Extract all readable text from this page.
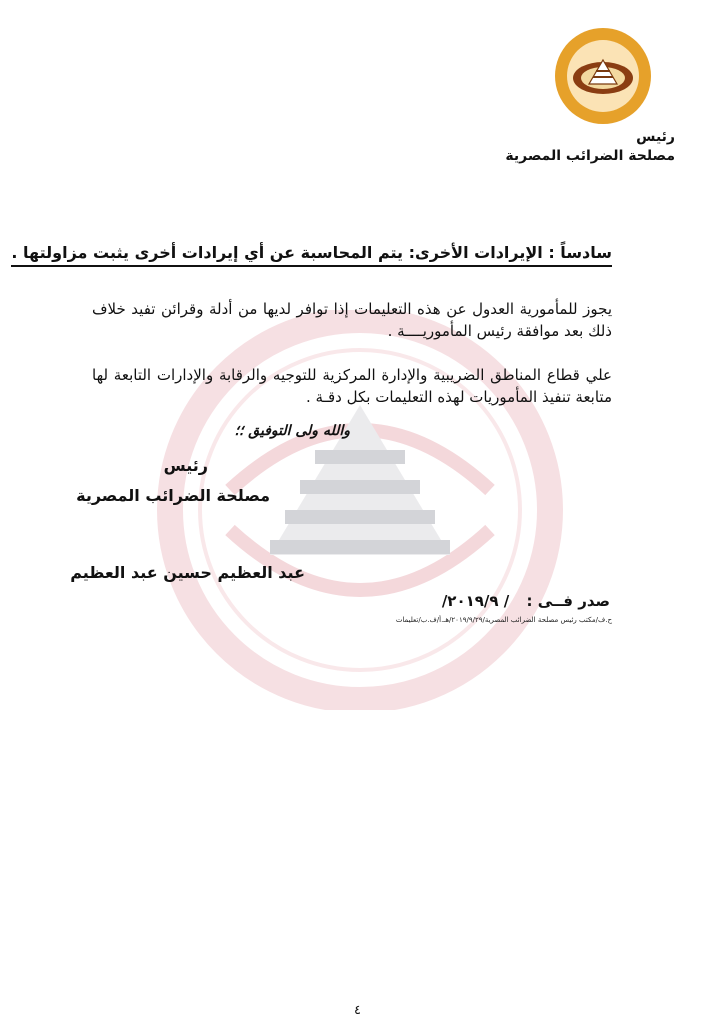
رئيس
مصلحة الضرائب المصرية
سادساً : الإيرادات الأخرى: يتم المحاسبة عن أي إيرادات أخرى يثبت مزاولتها .

يجوز للمأمورية العدول عن هذه التعليمات إذا توافر لديها من أدلة وقرائن تفيد خلاف ذلك بعد موافقة رئيس المأموريــــة .

علي قطاع المناطق الضريبية والإدارة المركزية للتوجيه والرقابة والإدارات التابعة لها متابعة تنفيذ المأموريات لهذه التعليمات بكل دقـة .

والله ولى التوفيق ؛؛
رئيس
مصلحة الضرائب المصرية
عبد العظيم حسين عبد العظيم
صدر فــى : / ٢٠١٩/٩/
ح.ف/مكتب رئيس مصلحة الضرائب المصرية/٢٠١٩/٩/٢٩/هـ.أ/ف.ب/تعليمات
٤
